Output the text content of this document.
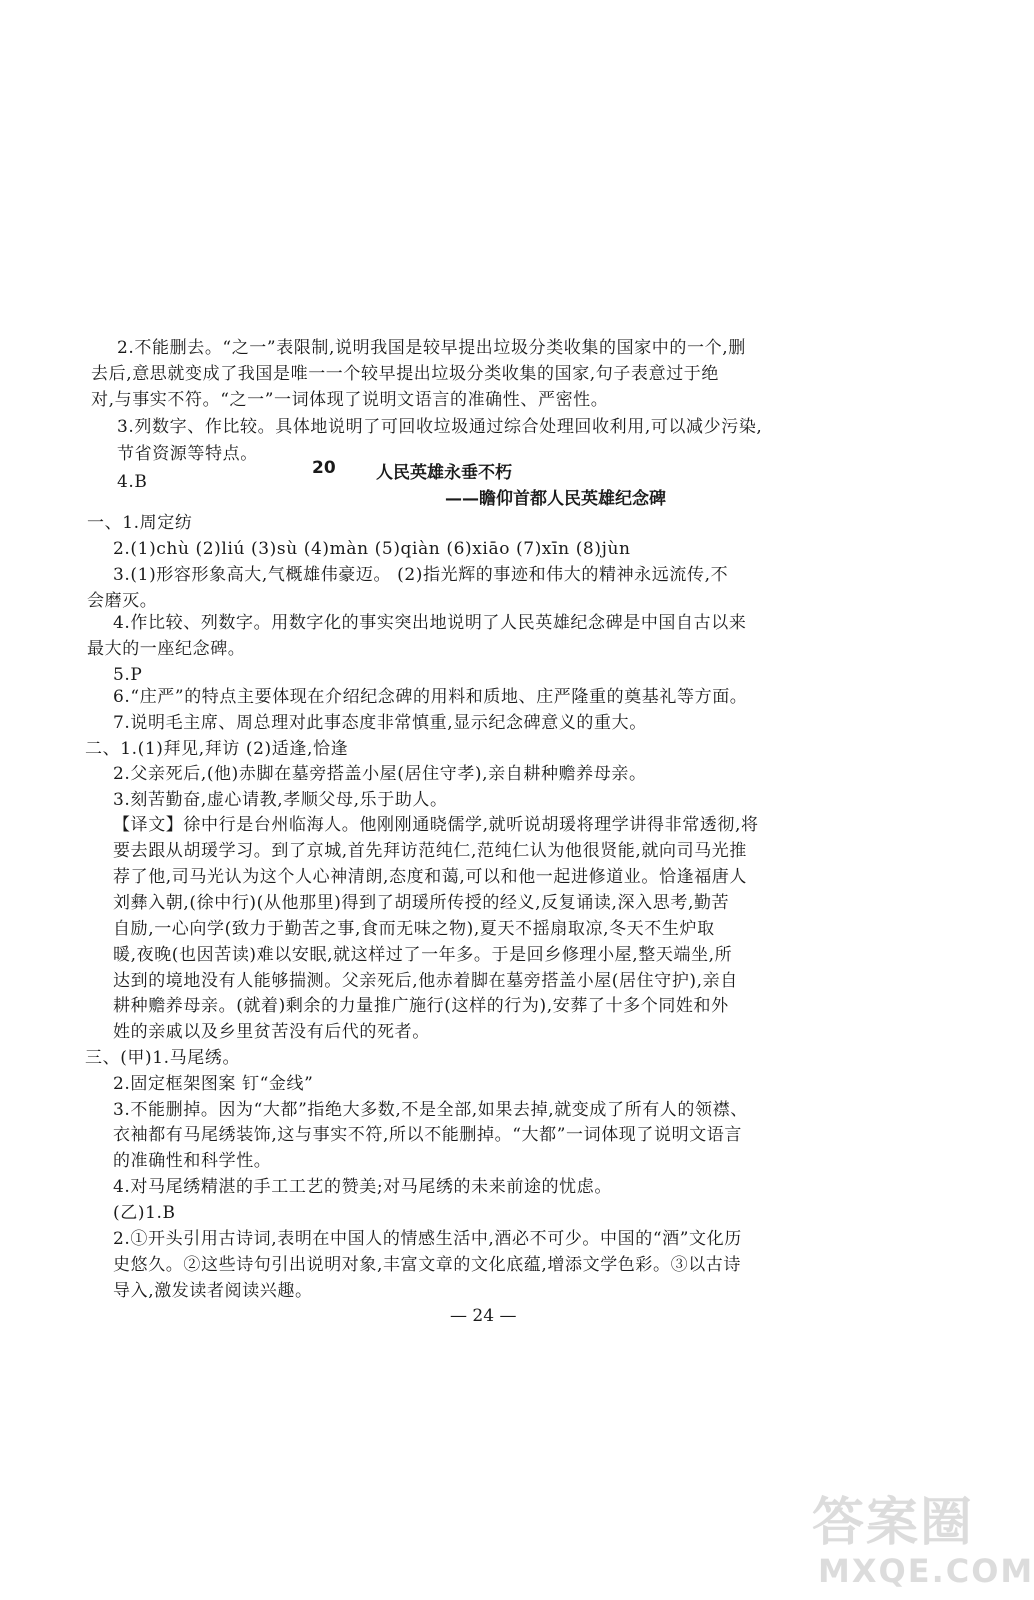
2.不能删去。“之一”表限制,说明我国是较早提出垃圾分类收集的国家中的一个,删
去后,意思就变成了我国是唯一一个较早提出垃圾分类收集的国家,句子表意过于绝
对,与事实不符。“之一”一词体现了说明文语言的准确性、严密性。
3.列数字、作比较。具体地说明了可回收垃圾通过综合处理回收利用,可以减少污染,
节省资源等特点。
4.B
20 人民英雄永垂不朽
——瞻仰首都人民英雄纪念碑
一、1.周定纺
2.(1)chù (2)liú (3)sù (4)màn (5)qiàn (6)xiāo (7)xīn (8)jùn
3.(1)形容形象高大,气概雄伟豪迈。 (2)指光辉的事迹和伟大的精神永远流传,不
会磨灭。
4.作比较、列数字。用数字化的事实突出地说明了人民英雄纪念碑是中国自古以来
最大的一座纪念碑。
5.P
6.“庄严”的特点主要体现在介绍纪念碑的用料和质地、庄严隆重的奠基礼等方面。
7.说明毛主席、周总理对此事态度非常慎重,显示纪念碑意义的重大。
二、1.(1)拜见,拜访 (2)适逢,恰逢
2.父亲死后,(他)赤脚在墓旁搭盖小屋(居住守孝),亲自耕种赡养母亲。
3.刻苦勤奋,虚心请教,孝顺父母,乐于助人。
【译文】徐中行是台州临海人。他刚刚通晓儒学,就听说胡瑗将理学讲得非常透彻,将
要去跟从胡瑗学习。到了京城,首先拜访范纯仁,范纯仁认为他很贤能,就向司马光推
荐了他,司马光认为这个人心神清朗,态度和蔼,可以和他一起进修道业。恰逢福唐人
刘彝入朝,(徐中行)(从他那里)得到了胡瑗所传授的经义,反复诵读,深入思考,勤苦
自励,一心向学(致力于勤苦之事,食而无味之物),夏天不摇扇取凉,冬天不生炉取
暖,夜晚(也因苦读)难以安眠,就这样过了一年多。于是回乡修理小屋,整天端坐,所
达到的境地没有人能够揣测。父亲死后,他赤着脚在墓旁搭盖小屋(居住守护),亲自
耕种赡养母亲。(就着)剩余的力量推广施行(这样的行为),安葬了十多个同姓和外
姓的亲戚以及乡里贫苦没有后代的死者。
三、(甲)1.马尾绣。
2.固定框架图案 钉“金线”
3.不能删掉。因为“大都”指绝大多数,不是全部,如果去掉,就变成了所有人的领襟、
衣袖都有马尾绣装饰,这与事实不符,所以不能删掉。“大都”一词体现了说明文语言
的准确性和科学性。
4.对马尾绣精湛的手工工艺的赞美;对马尾绣的未来前途的忧虑。
(乙)1.B
2.①开头引用古诗词,表明在中国人的情感生活中,酒必不可少。中国的“酒”文化历
史悠久。②这些诗句引出说明对象,丰富文章的文化底蕴,增添文学色彩。③以古诗
导入,激发读者阅读兴趣。
— 24 —
答案圈
MXQE.COM
